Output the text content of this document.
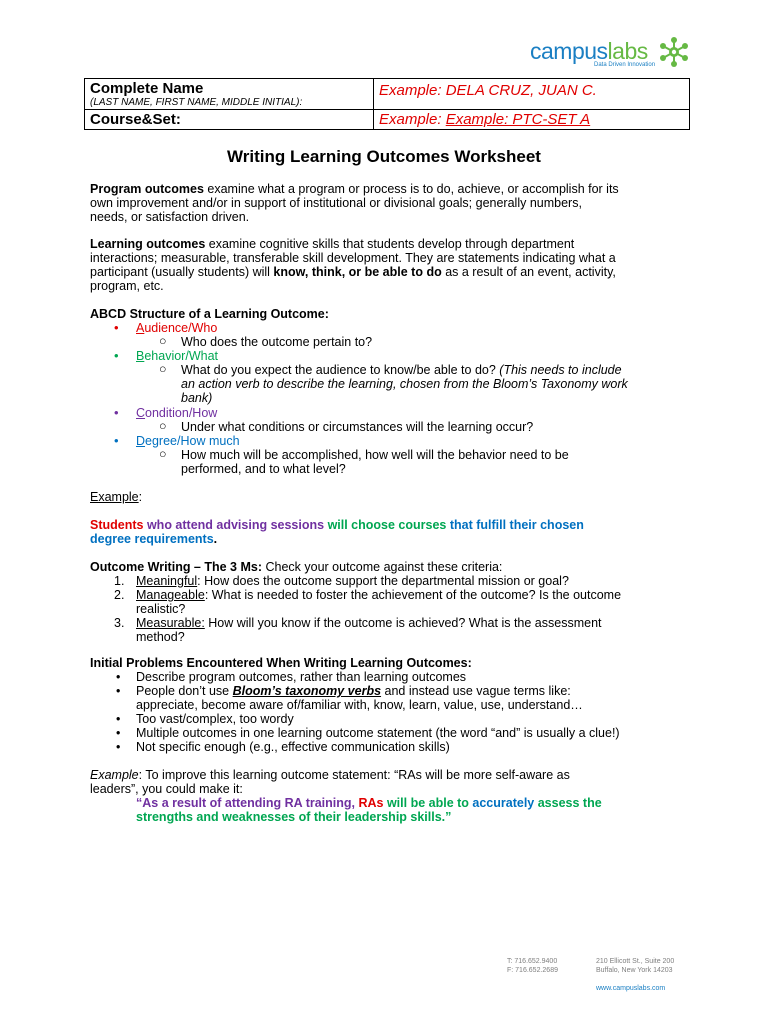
campuslabs
Data Driven Innovation
Complete Name
(LAST NAME, FIRST NAME, MIDDLE INITIAL):	Example: DELA CRUZ, JUAN C.

Course&Set:	Example: Example: PTC-SET A
Writing Learning Outcomes Worksheet
Program outcomes examine what a program or process is to do, achieve, or accomplish for its
own improvement and/or in support of institutional or divisional goals; generally numbers,
needs, or satisfaction driven.
Learning outcomes examine cognitive skills that students develop through department
interactions; measurable, transferable skill development. They are statements indicating what a
participant (usually students) will know, think, or be able to do as a result of an event, activity,
program, etc.
ABCD Structure of a Learning Outcome:
• Audience/Who
○ Who does the outcome pertain to?
• Behavior/What
○ What do you expect the audience to know/be able to do? (This needs to include
an action verb to describe the learning, chosen from the Bloom’s Taxonomy work
bank)
• Condition/How
○ Under what conditions or circumstances will the learning occur?
• Degree/How much
○ How much will be accomplished, how well will the behavior need to be
performed, and to what level?
Example:
Students who attend advising sessions will choose courses that fulfill their chosen
degree requirements.
Outcome Writing – The 3 Ms: Check your outcome against these criteria:
1. Meaningful: How does the outcome support the departmental mission or goal?
2. Manageable: What is needed to foster the achievement of the outcome? Is the outcome
realistic?
3. Measurable: How will you know if the outcome is achieved? What is the assessment
method?
Initial Problems Encountered When Writing Learning Outcomes:
• Describe program outcomes, rather than learning outcomes
• People don’t use Bloom’s taxonomy verbs and instead use vague terms like:
appreciate, become aware of/familiar with, know, learn, value, use, understand…
• Too vast/complex, too wordy
• Multiple outcomes in one learning outcome statement (the word “and” is usually a clue!)
• Not specific enough (e.g., effective communication skills)
Example: To improve this learning outcome statement: “RAs will be more self-aware as
leaders”, you could make it:
“As a result of attending RA training, RAs will be able to accurately assess the
strengths and weaknesses of their leadership skills.”
T: 716.652.9400
F: 716.652.2689
210 Ellicott St., Suite 200
Buffalo, New York 14203
www.campuslabs.com
